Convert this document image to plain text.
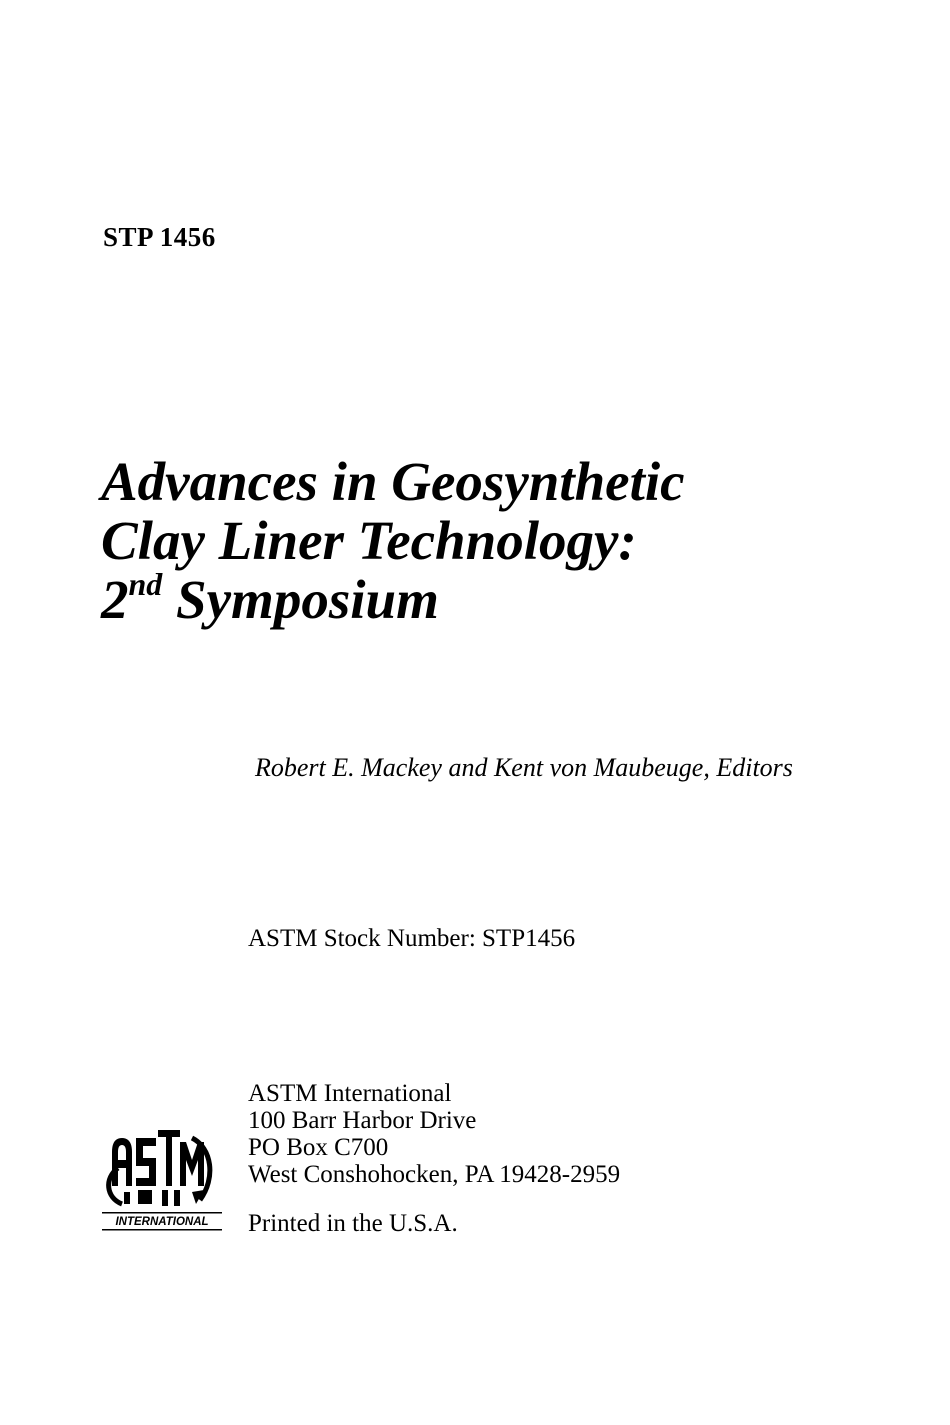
STP 1456
Advances in Geosynthetic
Clay Liner Technology:
2nd Symposium
Robert E. Mackey and Kent von Maubeuge, Editors
ASTM Stock Number: STP1456
INTERNATIONAL
ASTM International
100 Barr Harbor Drive
PO Box C700
West Conshohocken, PA 19428-2959
Printed in the U.S.A.
